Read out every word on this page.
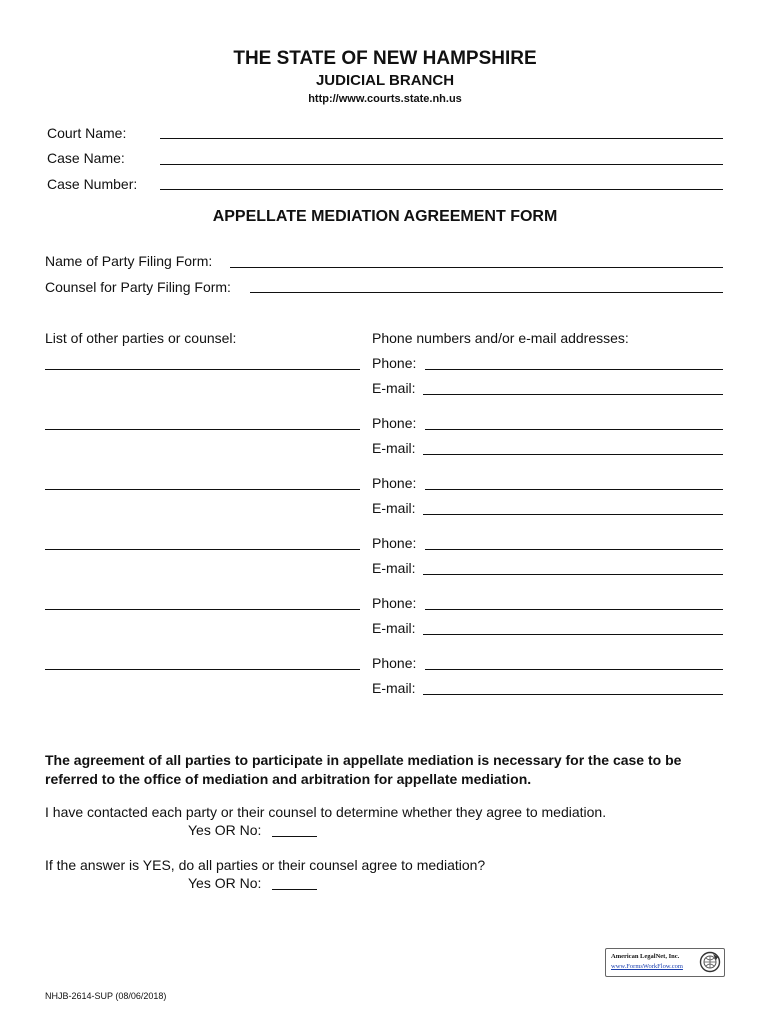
THE STATE OF NEW HAMPSHIRE
JUDICIAL BRANCH
http://www.courts.state.nh.us
Court Name:
Case Name:
Case Number:
APPELLATE MEDIATION AGREEMENT FORM
Name of Party Filing Form:
Counsel for Party Filing Form:
List of other parties or counsel:	Phone numbers and/or e-mail addresses:
Phone:
E-mail:
Phone:
E-mail:
Phone:
E-mail:
Phone:
E-mail:
Phone:
E-mail:
Phone:
E-mail:
The agreement of all parties to participate in appellate mediation is necessary for the case to be referred to the office of mediation and arbitration for appellate mediation.
I have contacted each party or their counsel to determine whether they agree to mediation.
Yes OR No:
If the answer is YES, do all parties or their counsel agree to mediation?
Yes OR No:
American LegalNet, Inc.
www.FormsWorkFlow.com
NHJB-2614-SUP (08/06/2018)
